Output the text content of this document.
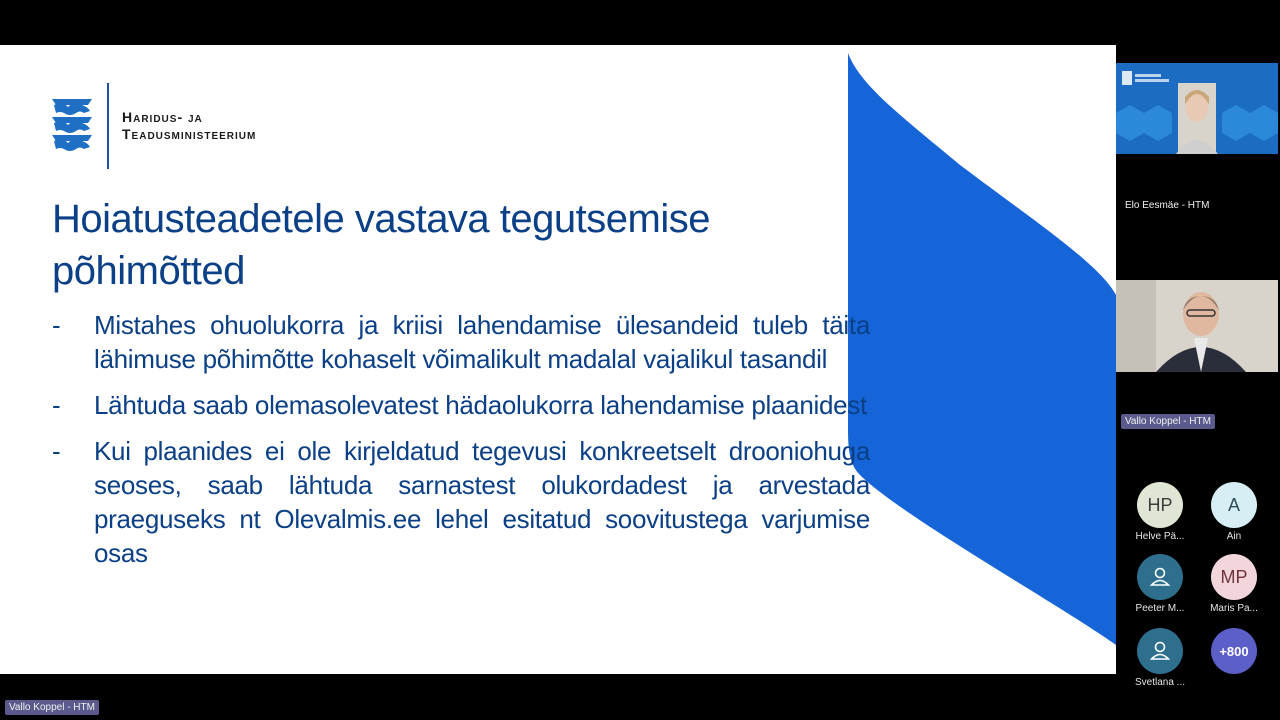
Haridus- ja
Teadusministeerium
Hoiatusteadetele vastava tegutsemise
põhimõtted
- Mistahes ohuolukorra ja kriisi lahendamise ülesandeid tuleb täita lähimuse põhimõtte kohaselt võimalikult madalal vajalikul tasandil
- Lähtuda saab olemasolevatest hädaolukorra lahendamise plaanidest
- Kui plaanides ei ole kirjeldatud tegevusi konkreetselt drooniohuga seoses, saab lähtuda sarnastest olukordadest ja arvestada praeguseks nt Olevalmis.ee lehel esitatud soovitustega varjumise osas
Elo Eesmäe - HTM
Vallo Koppel - HTM
HP
Helve Pä...
A
Ain
Peeter M...
MP
Maris Pa...
Svetlana ...
+800
Vallo Koppel - HTM
